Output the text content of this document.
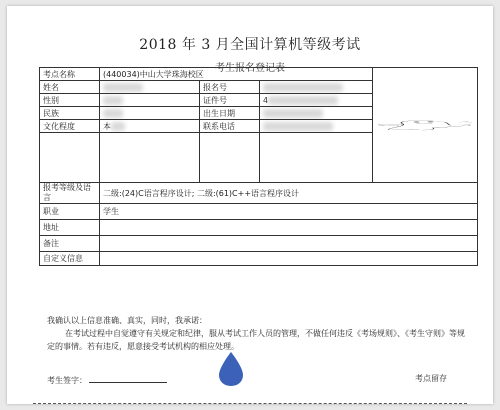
2018 年 3 月全国计算机等级考试
考生报名登记表
考点名称	(440034)中山大学珠海校区	

姓名		报名号		
性别		证件号	4	
民族		出生日期		
文化程度	本	联系电话		

报考等级及语言	二级:(24)C语言程序设计; 二级:(61)C++语言程序设计			
职业	学生			
地址				
备注				
自定义信息				

我确认以上信息准确、真实，同时，我承诺：

在考试过程中自觉遵守有关规定和纪律，服从考试工作人员的管理，不做任何违反《考场规则》、《考生守则》等规定的事情。若有违反，愿意接受考试机构的相应处理。

考生签字：	考点留存
